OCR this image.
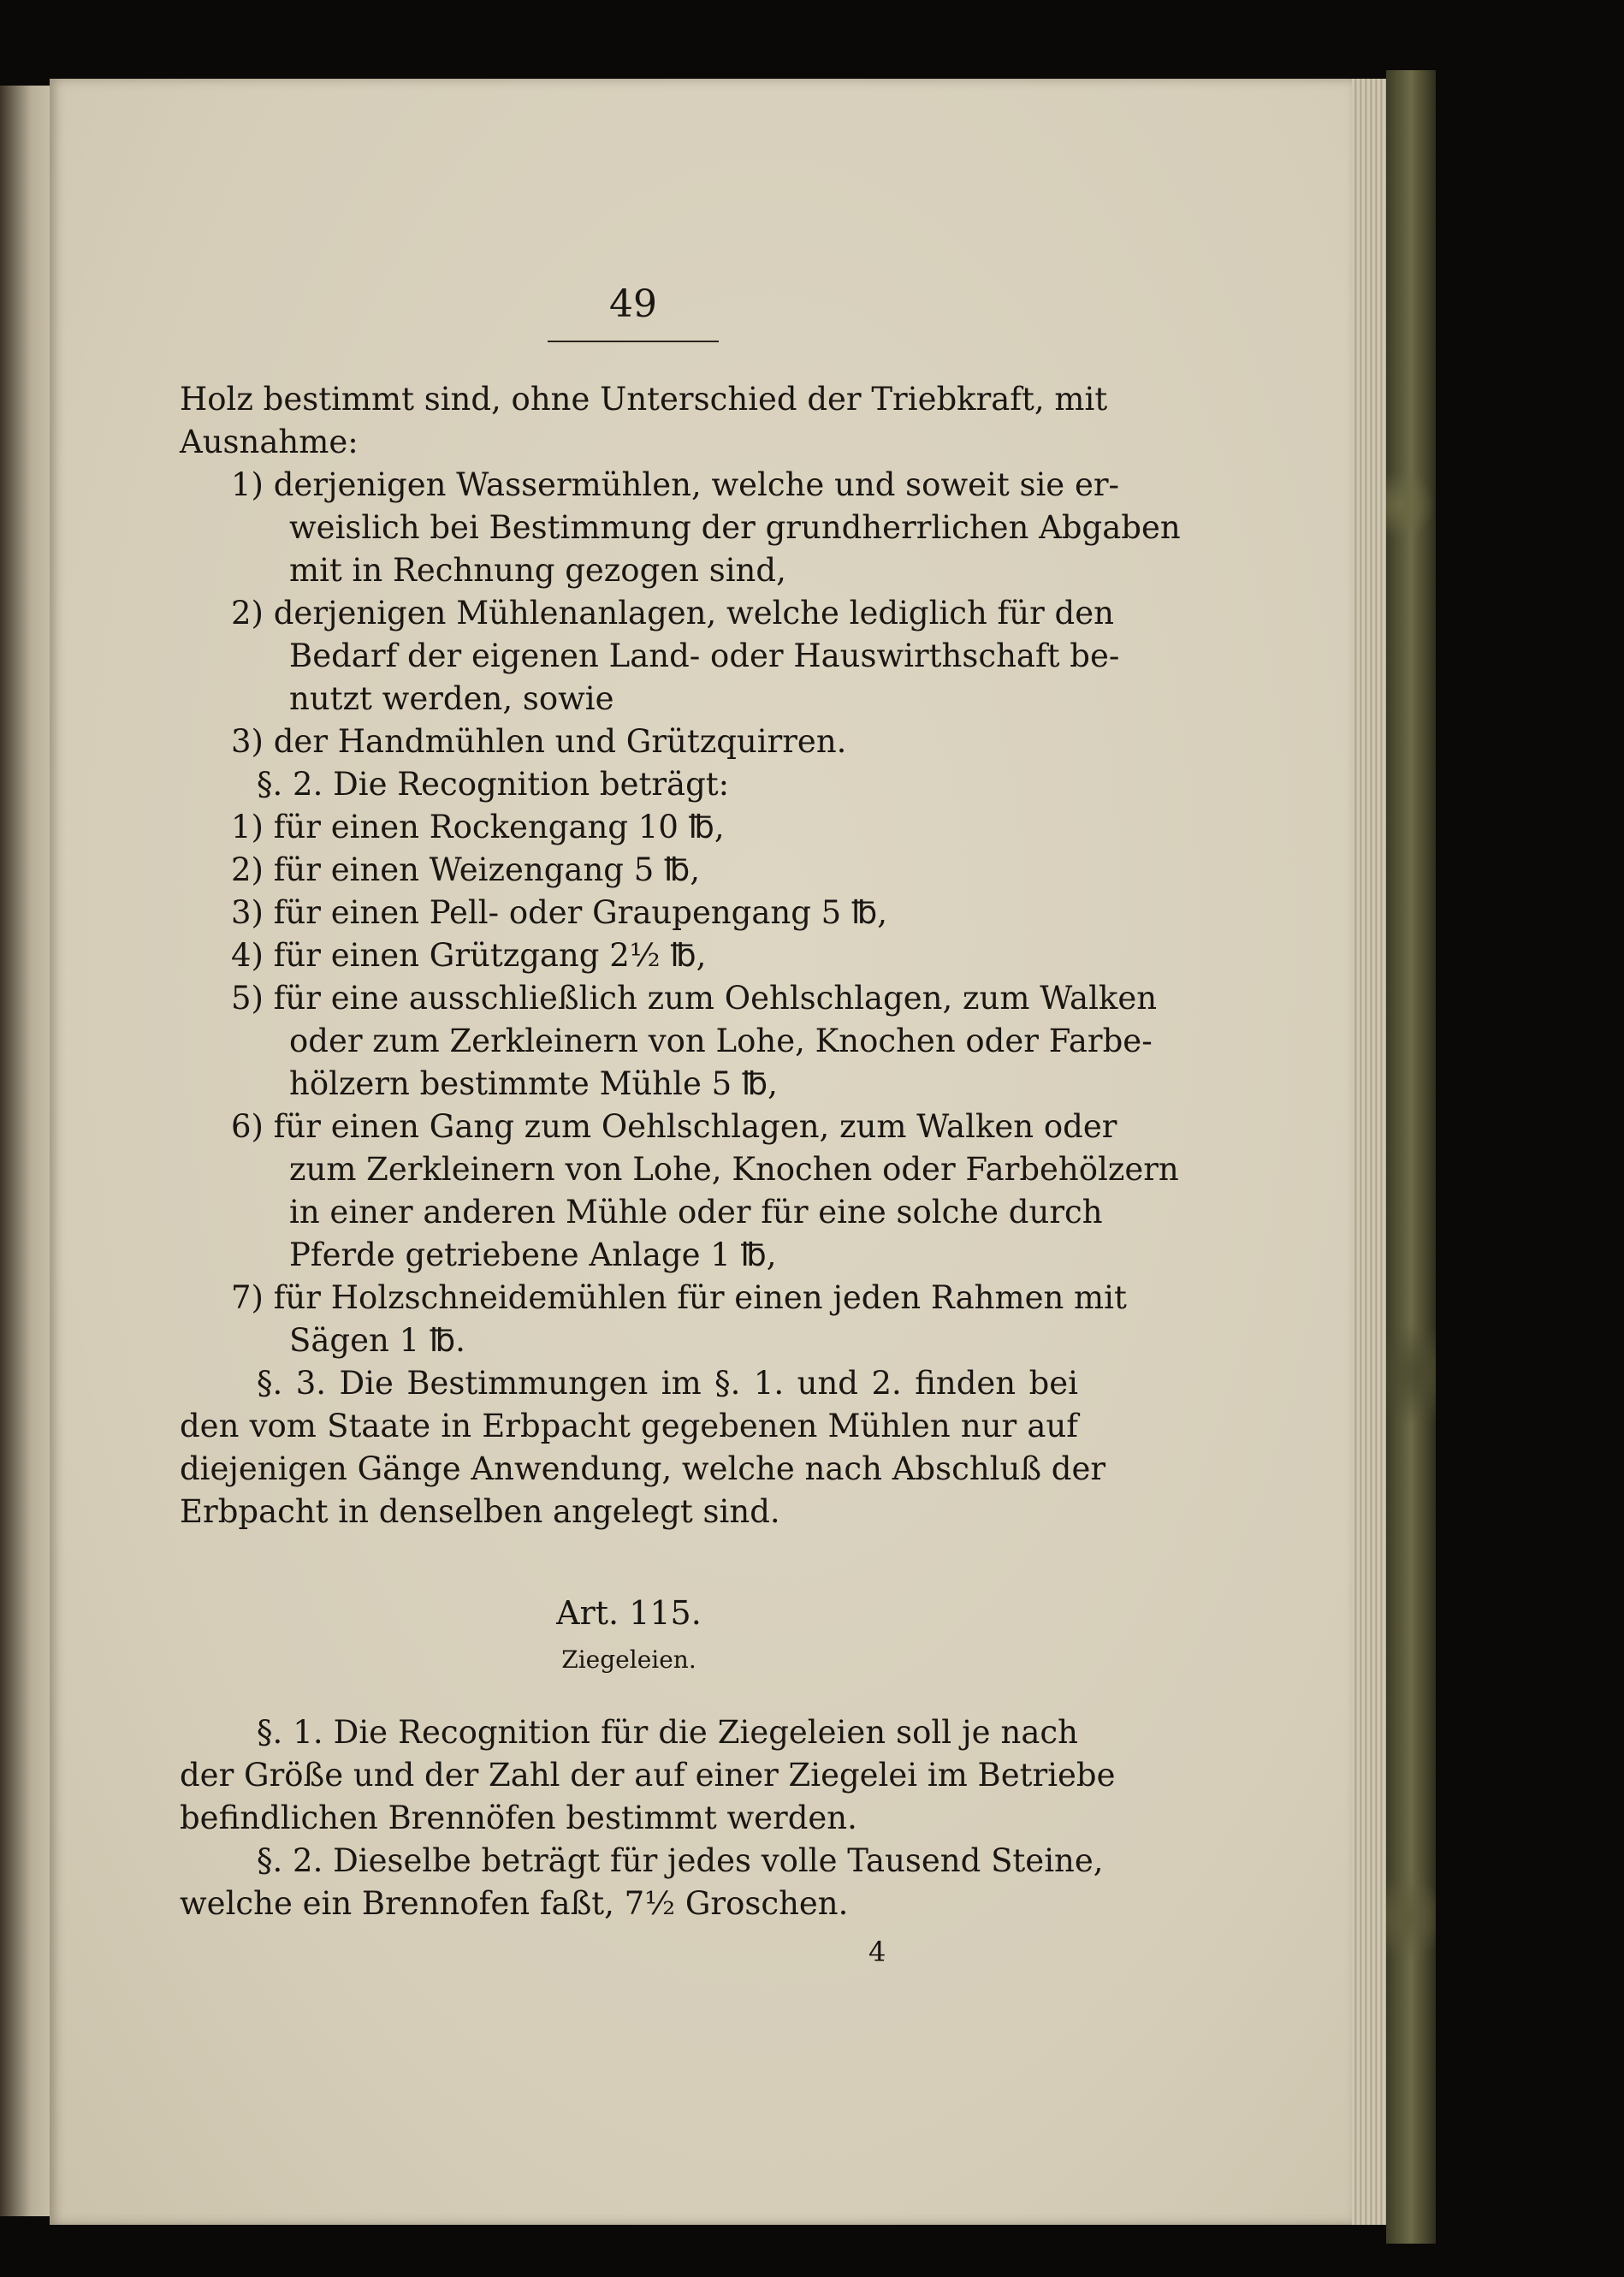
49
Holz bestimmt sind, ohne Unterschied der Triebkraft, mit
Ausnahme:
1) derjenigen Wassermühlen, welche und soweit sie er-
weislich bei Bestimmung der grundherrlichen Abgaben
mit in Rechnung gezogen sind,
2) derjenigen Mühlenanlagen, welche lediglich für den
Bedarf der eigenen Land- oder Hauswirthschaft be-
nutzt werden, sowie
3) der Handmühlen und Grützquirren.
§. 2. Die Recognition beträgt:
1) für einen Rockengang 10 ℔,
2) für einen Weizengang 5 ℔,
3) für einen Pell- oder Graupengang 5 ℔,
4) für einen Grützgang 2½ ℔,
5) für eine ausschließlich zum Oehlschlagen, zum Walken
oder zum Zerkleinern von Lohe, Knochen oder Farbe-
hölzern bestimmte Mühle 5 ℔,
6) für einen Gang zum Oehlschlagen, zum Walken oder
zum Zerkleinern von Lohe, Knochen oder Farbehölzern
in einer anderen Mühle oder für eine solche durch
Pferde getriebene Anlage 1 ℔,
7) für Holzschneidemühlen für einen jeden Rahmen mit
Sägen 1 ℔.
§. 3. Die Bestimmungen im §. 1. und 2. finden bei
den vom Staate in Erbpacht gegebenen Mühlen nur auf
diejenigen Gänge Anwendung, welche nach Abschluß der
Erbpacht in denselben angelegt sind.
Art. 115.
Ziegeleien.
§. 1. Die Recognition für die Ziegeleien soll je nach
der Größe und der Zahl der auf einer Ziegelei im Betriebe
befindlichen Brennöfen bestimmt werden.
§. 2. Dieselbe beträgt für jedes volle Tausend Steine,
welche ein Brennofen faßt, 7½ Groschen.
4
